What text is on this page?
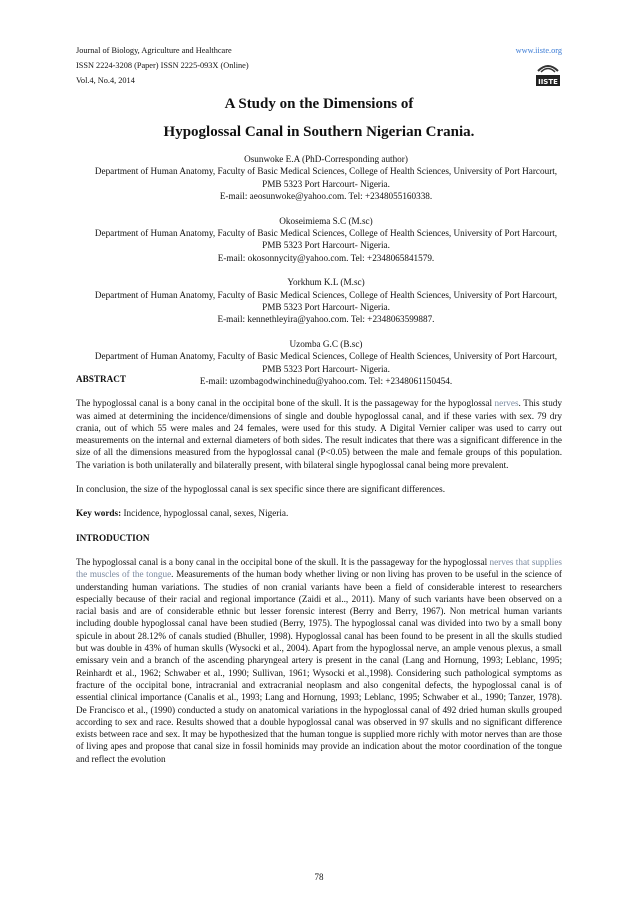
Journal of Biology, Agriculture and Healthcare	www.iiste.org
ISSN 2224-3208 (Paper) ISSN 2225-093X (Online)
Vol.4, No.4, 2014	IISTE
A Study on the Dimensions of
Hypoglossal Canal in Southern Nigerian Crania.
Osunwoke E.A (PhD-Corresponding author)
Department of Human Anatomy, Faculty of Basic Medical Sciences, College of Health Sciences, University of Port Harcourt, PMB 5323 Port Harcourt- Nigeria.
E-mail: aeosunwoke@yahoo.com. Tel: +2348055160338.
Okoseimiema S.C (M.sc)
Department of Human Anatomy, Faculty of Basic Medical Sciences, College of Health Sciences, University of Port Harcourt, PMB 5323 Port Harcourt- Nigeria.
E-mail: okosonnycity@yahoo.com. Tel: +2348065841579.
Yorkhum K.L (M.sc)
Department of Human Anatomy, Faculty of Basic Medical Sciences, College of Health Sciences, University of Port Harcourt, PMB 5323 Port Harcourt- Nigeria.
E-mail: kennethleyira@yahoo.com. Tel: +2348063599887.
Uzomba G.C (B.sc)
Department of Human Anatomy, Faculty of Basic Medical Sciences, College of Health Sciences, University of Port Harcourt, PMB 5323 Port Harcourt- Nigeria.
E-mail: uzombagodwinchinedu@yahoo.com. Tel: +2348061150454.

ABSTRACT

The hypoglossal canal is a bony canal in the occipital bone of the skull. It is the passageway for the hypoglossal nerves. This study was aimed at determining the incidence/dimensions of single and double hypoglossal canal, and if these varies with sex. 79 dry crania, out of which 55 were males and 24 females, were used for this study. A Digital Vernier caliper was used to carry out measurements on the internal and external diameters of both sides. The result indicates that there was a significant difference in the size of all the dimensions measured from the hypoglossal canal (P<0.05) between the male and female groups of this population. The variation is both unilaterally and bilaterally present, with bilateral single hypoglossal canal being more prevalent.

In conclusion, the size of the hypoglossal canal is sex specific since there are significant differences.

Key words: Incidence, hypoglossal canal, sexes, Nigeria.

INTRODUCTION

The hypoglossal canal is a bony canal in the occipital bone of the skull. It is the passageway for the hypoglossal nerves that supplies the muscles of the tongue. Measurements of the human body whether living or non living has proven to be useful in the science of understanding human variations. The studies of non cranial variants have been a field of considerable interest to researchers especially because of their racial and regional importance (Zaidi et al.., 2011). Many of such variants have been observed on a racial basis and are of considerable ethnic but lesser forensic interest (Berry and Berry, 1967). Non metrical human variants including double hypoglossal canal have been studied (Berry, 1975). The hypoglossal canal was divided into two by a small bony spicule in about 28.12% of canals studied (Bhuller, 1998). Hypoglossal canal has been found to be present in all the skulls studied but was double in 43% of human skulls (Wysocki et al., 2004). Apart from the hypoglossal nerve, an ample venous plexus, a small emissary vein and a branch of the ascending pharyngeal artery is present in the canal (Lang and Hornung, 1993; Leblanc, 1995; Reinhardt et al., 1962; Schwaber et al., 1990; Sullivan, 1961; Wysocki et al.,1998). Considering such pathological symptoms as fracture of the occipital bone, intracranial and extracranial neoplasm and also congenital defects, the hypoglossal canal is of essential clinical importance (Canalis et al., 1993; Lang and Hornung, 1993; Leblanc, 1995; Schwaber et al., 1990; Tanzer, 1978). De Francisco et al., (1990) conducted a study on anatomical variations in the hypoglossal canal of 492 dried human skulls grouped according to sex and race. Results showed that a double hypoglossal canal was observed in 97 skulls and no significant difference exists between race and sex. It may be hypothesized that the human tongue is supplied more richly with motor nerves than are those of living apes and propose that canal size in fossil hominids may provide an indication about the motor coordination of the tongue and reflect the evolution

78
